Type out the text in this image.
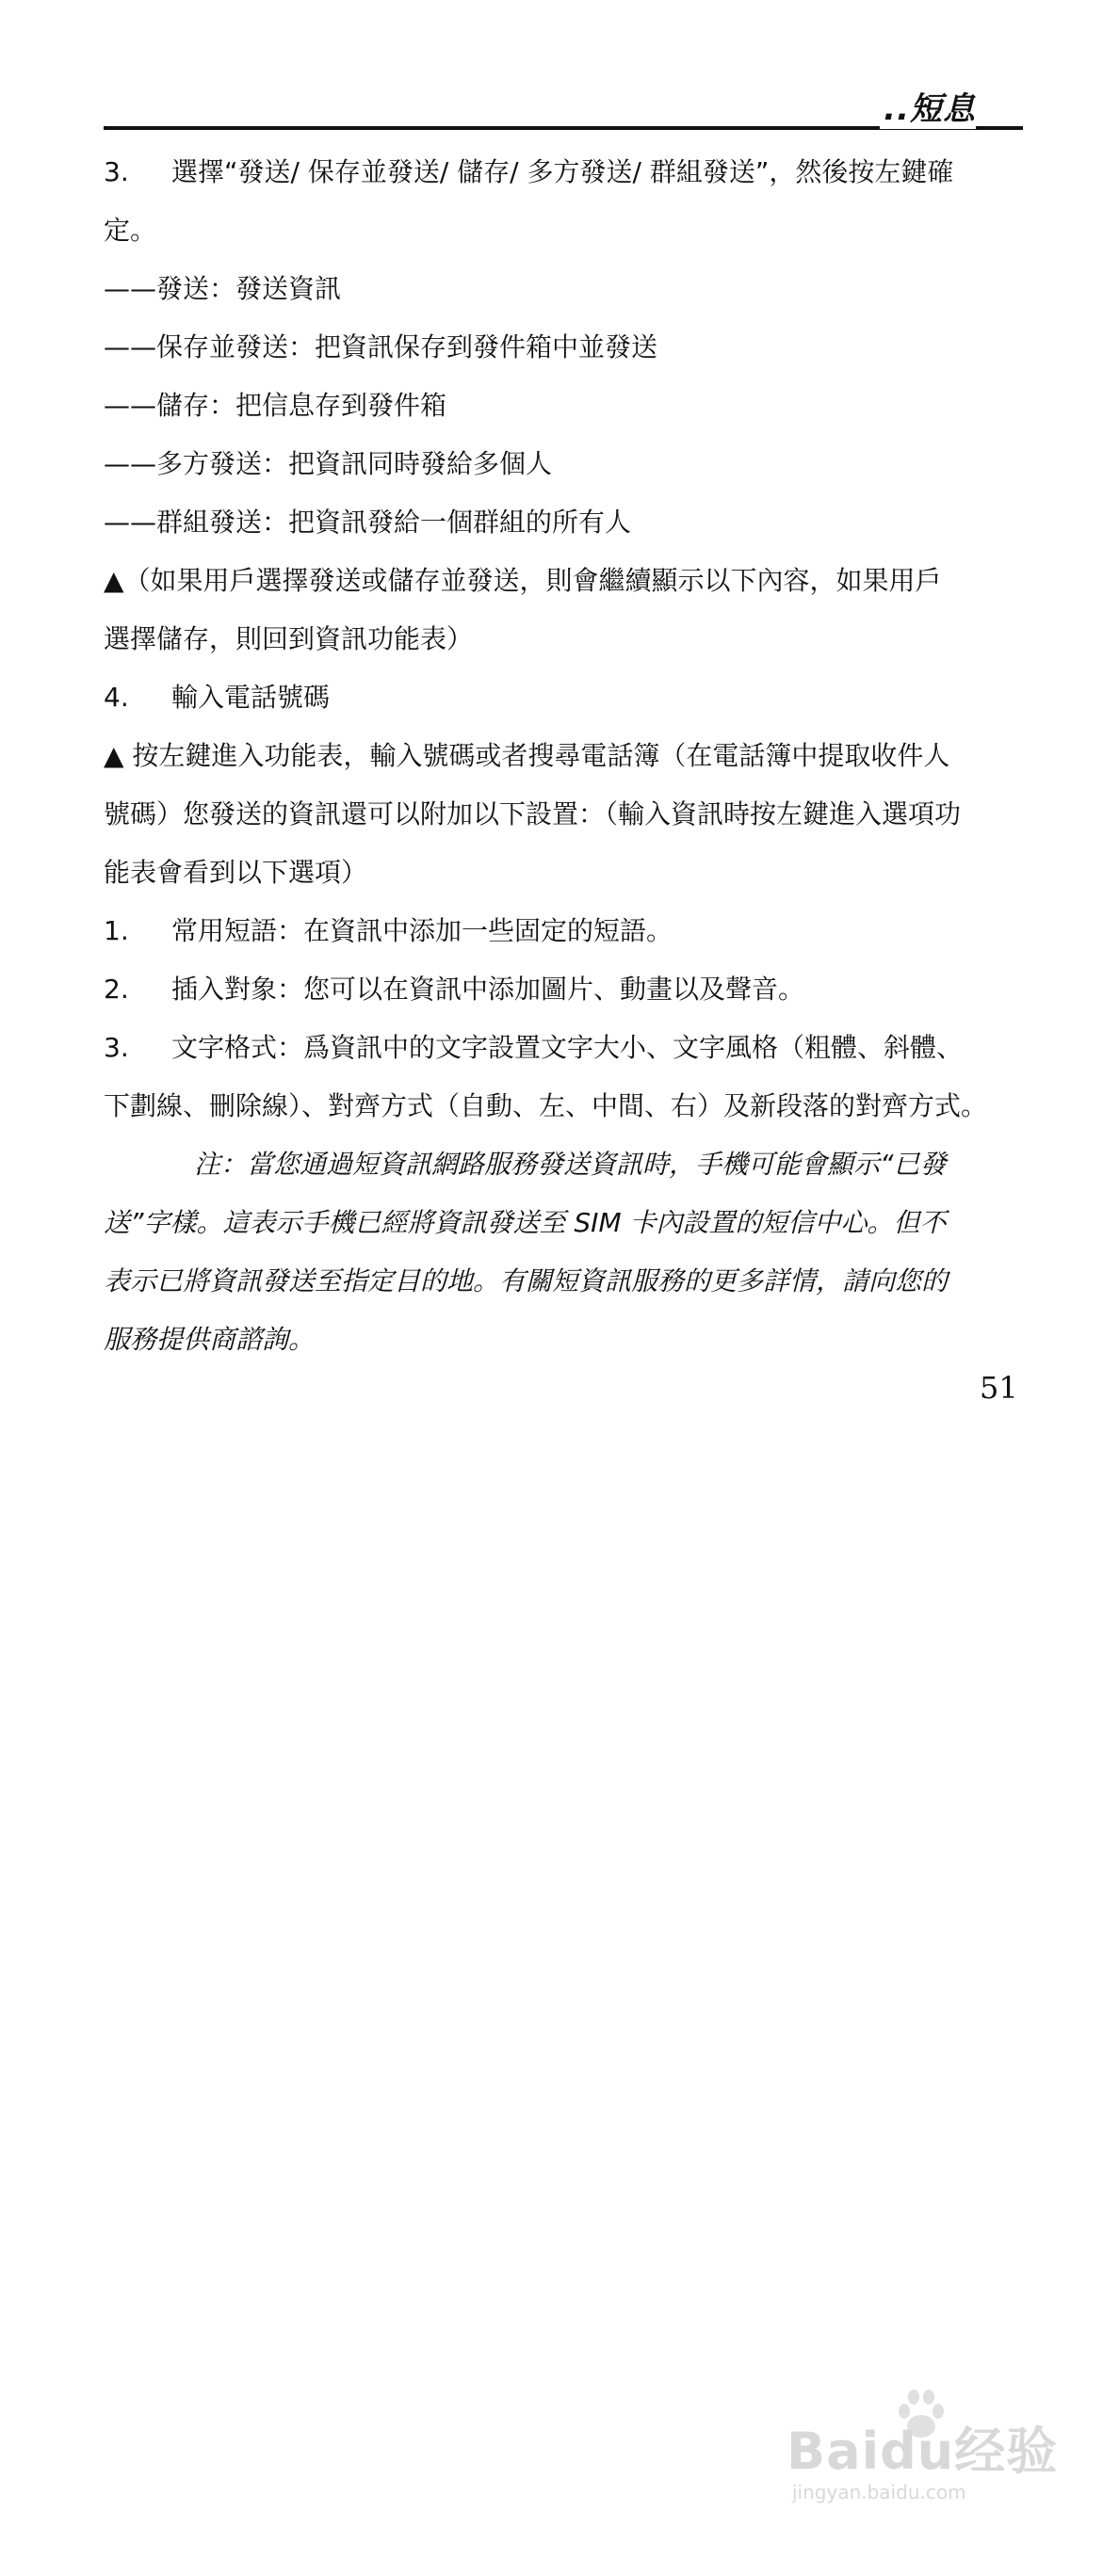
..短息
3. 選擇“發送/ 保存並發送/ 儲存/ 多方發送/ 群組發送”，然後按左鍵確
定。
——發送：發送資訊
——保存並發送：把資訊保存到發件箱中並發送
——儲存：把信息存到發件箱
——多方發送：把資訊同時發給多個人
——群組發送：把資訊發給一個群組的所有人
▲（如果用戶選擇發送或儲存並發送，則會繼續顯示以下內容，如果用戶
選擇儲存，則回到資訊功能表）
4. 輸入電話號碼
▲ 按左鍵進入功能表，輸入號碼或者搜尋電話簿（在電話簿中提取收件人
號碼）您發送的資訊還可以附加以下設置：（輸入資訊時按左鍵進入選項功
能表會看到以下選項）
1. 常用短語：在資訊中添加一些固定的短語。
2. 插入對象：您可以在資訊中添加圖片、動畫以及聲音。
3. 文字格式：爲資訊中的文字設置文字大小、文字風格（粗體、斜體、
下劃線、刪除線）、對齊方式（自動、左、中間、右）及新段落的對齊方式。
注：當您通過短資訊網路服務發送資訊時，手機可能會顯示“已發
送”字樣。這表示手機已經將資訊發送至 SIM 卡內設置的短信中心。但不
表示已將資訊發送至指定目的地。有關短資訊服務的更多詳情，請向您的
服務提供商諮詢。
51
Baidu经验
jingyan.baidu.com
